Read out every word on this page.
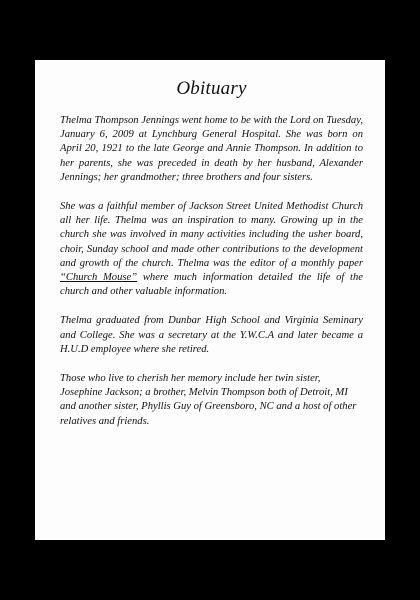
Obituary

Thelma Thompson Jennings went home to be with the Lord on Tuesday, January 6, 2009 at Lynchburg General Hospital. She was born on April 20, 1921 to the late George and Annie Thompson. In addition to her parents, she was preceded in death by her husband, Alexander Jennings; her grandmother; three brothers and four sisters.

She was a faithful member of Jackson Street United Methodist Church all her life. Thelma was an inspiration to many. Growing up in the church she was involved in many activities including the usher board, choir, Sunday school and made other contributions to the development and growth of the church. Thelma was the editor of a monthly paper “Church Mouse” where much information detailed the life of the church and other valuable information.

Thelma graduated from Dunbar High School and Virginia Seminary and College. She was a secretary at the Y.W.C.A and later became a H.U.D employee where she retired.

Those who live to cherish her memory include her twin sister, Josephine Jackson; a brother, Melvin Thompson both of Detroit, MI and another sister, Phyllis Guy of Greensboro, NC and a host of other relatives and friends.
